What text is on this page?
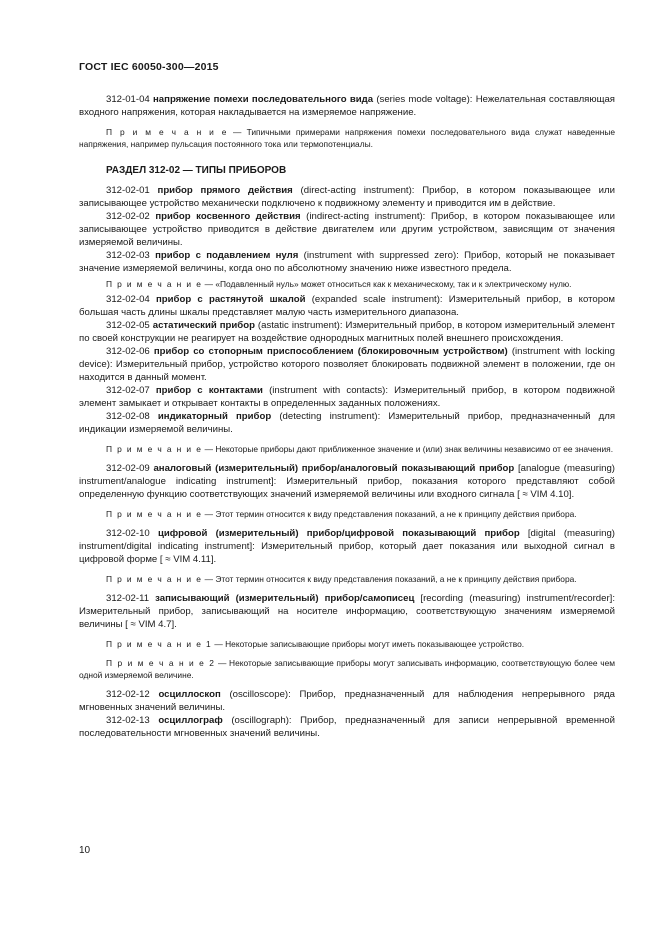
ГОСТ IEC 60050-300—2015

312-01-04 напряжение помехи последовательного вида (series mode voltage): Нежелательная составляющая входного напряжения, которая накладывается на измеряемое напряжение.

П р и м е ч а н и е — Типичными примерами напряжения помехи последовательного вида служат наведенные напряжения, например пульсация постоянного тока или термопотенциалы.

РАЗДЕЛ 312-02 — ТИПЫ ПРИБОРОВ

312-02-01 прибор прямого действия (direct-acting instrument): Прибор, в котором показывающее или записывающее устройство механически подключено к подвижному элементу и приводится им в действие.

312-02-02 прибор косвенного действия (indirect-acting instrument): Прибор, в котором показывающее или записывающее устройство приводится в действие двигателем или другим устройством, зависящим от значения измеряемой величины.

312-02-03 прибор с подавлением нуля (instrument with suppressed zero): Прибор, который не показывает значение измеряемой величины, когда оно по абсолютному значению ниже известного предела.

П р и м е ч а н и е — «Подавленный нуль» может относиться как к механическому, так и к электрическому нулю.

312-02-04 прибор с растянутой шкалой (expanded scale instrument): Измерительный прибор, в котором большая часть длины шкалы представляет малую часть измерительного диапазона.

312-02-05 астатический прибор (astatic instrument): Измерительный прибор, в котором измерительный элемент по своей конструкции не реагирует на воздействие однородных магнитных полей внешнего происхождения.

312-02-06 прибор со стопорным приспособлением (блокировочным устройством) (instrument with locking device): Измерительный прибор, устройство которого позволяет блокировать подвижной элемент в положении, где он находится в данный момент.

312-02-07 прибор с контактами (instrument with contacts): Измерительный прибор, в котором подвижной элемент замыкает и открывает контакты в определенных заданных положениях.

312-02-08 индикаторный прибор (detecting instrument): Измерительный прибор, предназначенный для индикации измеряемой величины.

П р и м е ч а н и е — Некоторые приборы дают приближенное значение и (или) знак величины независимо от ее значения.

312-02-09 аналоговый (измерительный) прибор/аналоговый показывающий прибор [analogue (measuring) instrument/analogue indicating instrument]: Измерительный прибор, показания которого представляют собой определенную функцию соответствующих значений измеряемой величины или входного сигнала [ ≈ VIM 4.10].

П р и м е ч а н и е — Этот термин относится к виду представления показаний, а не к принципу действия прибора.

312-02-10 цифровой (измерительный) прибор/цифровой показывающий прибор [digital (measuring) instrument/digital indicating instrument]: Измерительный прибор, который дает показания или выходной сигнал в цифровой форме [ ≈ VIM 4.11].

П р и м е ч а н и е — Этот термин относится к виду представления показаний, а не к принципу действия прибора.

312-02-11 записывающий (измерительный) прибор/самописец [recording (measuring) instrument/recorder]: Измерительный прибор, записывающий на носителе информацию, соответствующую значениям измеряемой величины [ ≈ VIM 4.7].

П р и м е ч а н и е 1 — Некоторые записывающие приборы могут иметь показывающее устройство.

П р и м е ч а н и е 2 — Некоторые записывающие приборы могут записывать информацию, соответствующую более чем одной измеряемой величине.

312-02-12 осциллоскоп (oscilloscope): Прибор, предназначенный для наблюдения непрерывного ряда мгновенных значений величины.

312-02-13 осциллограф (oscillograph): Прибор, предназначенный для записи непрерывной временной последовательности мгновенных значений величины.

10
